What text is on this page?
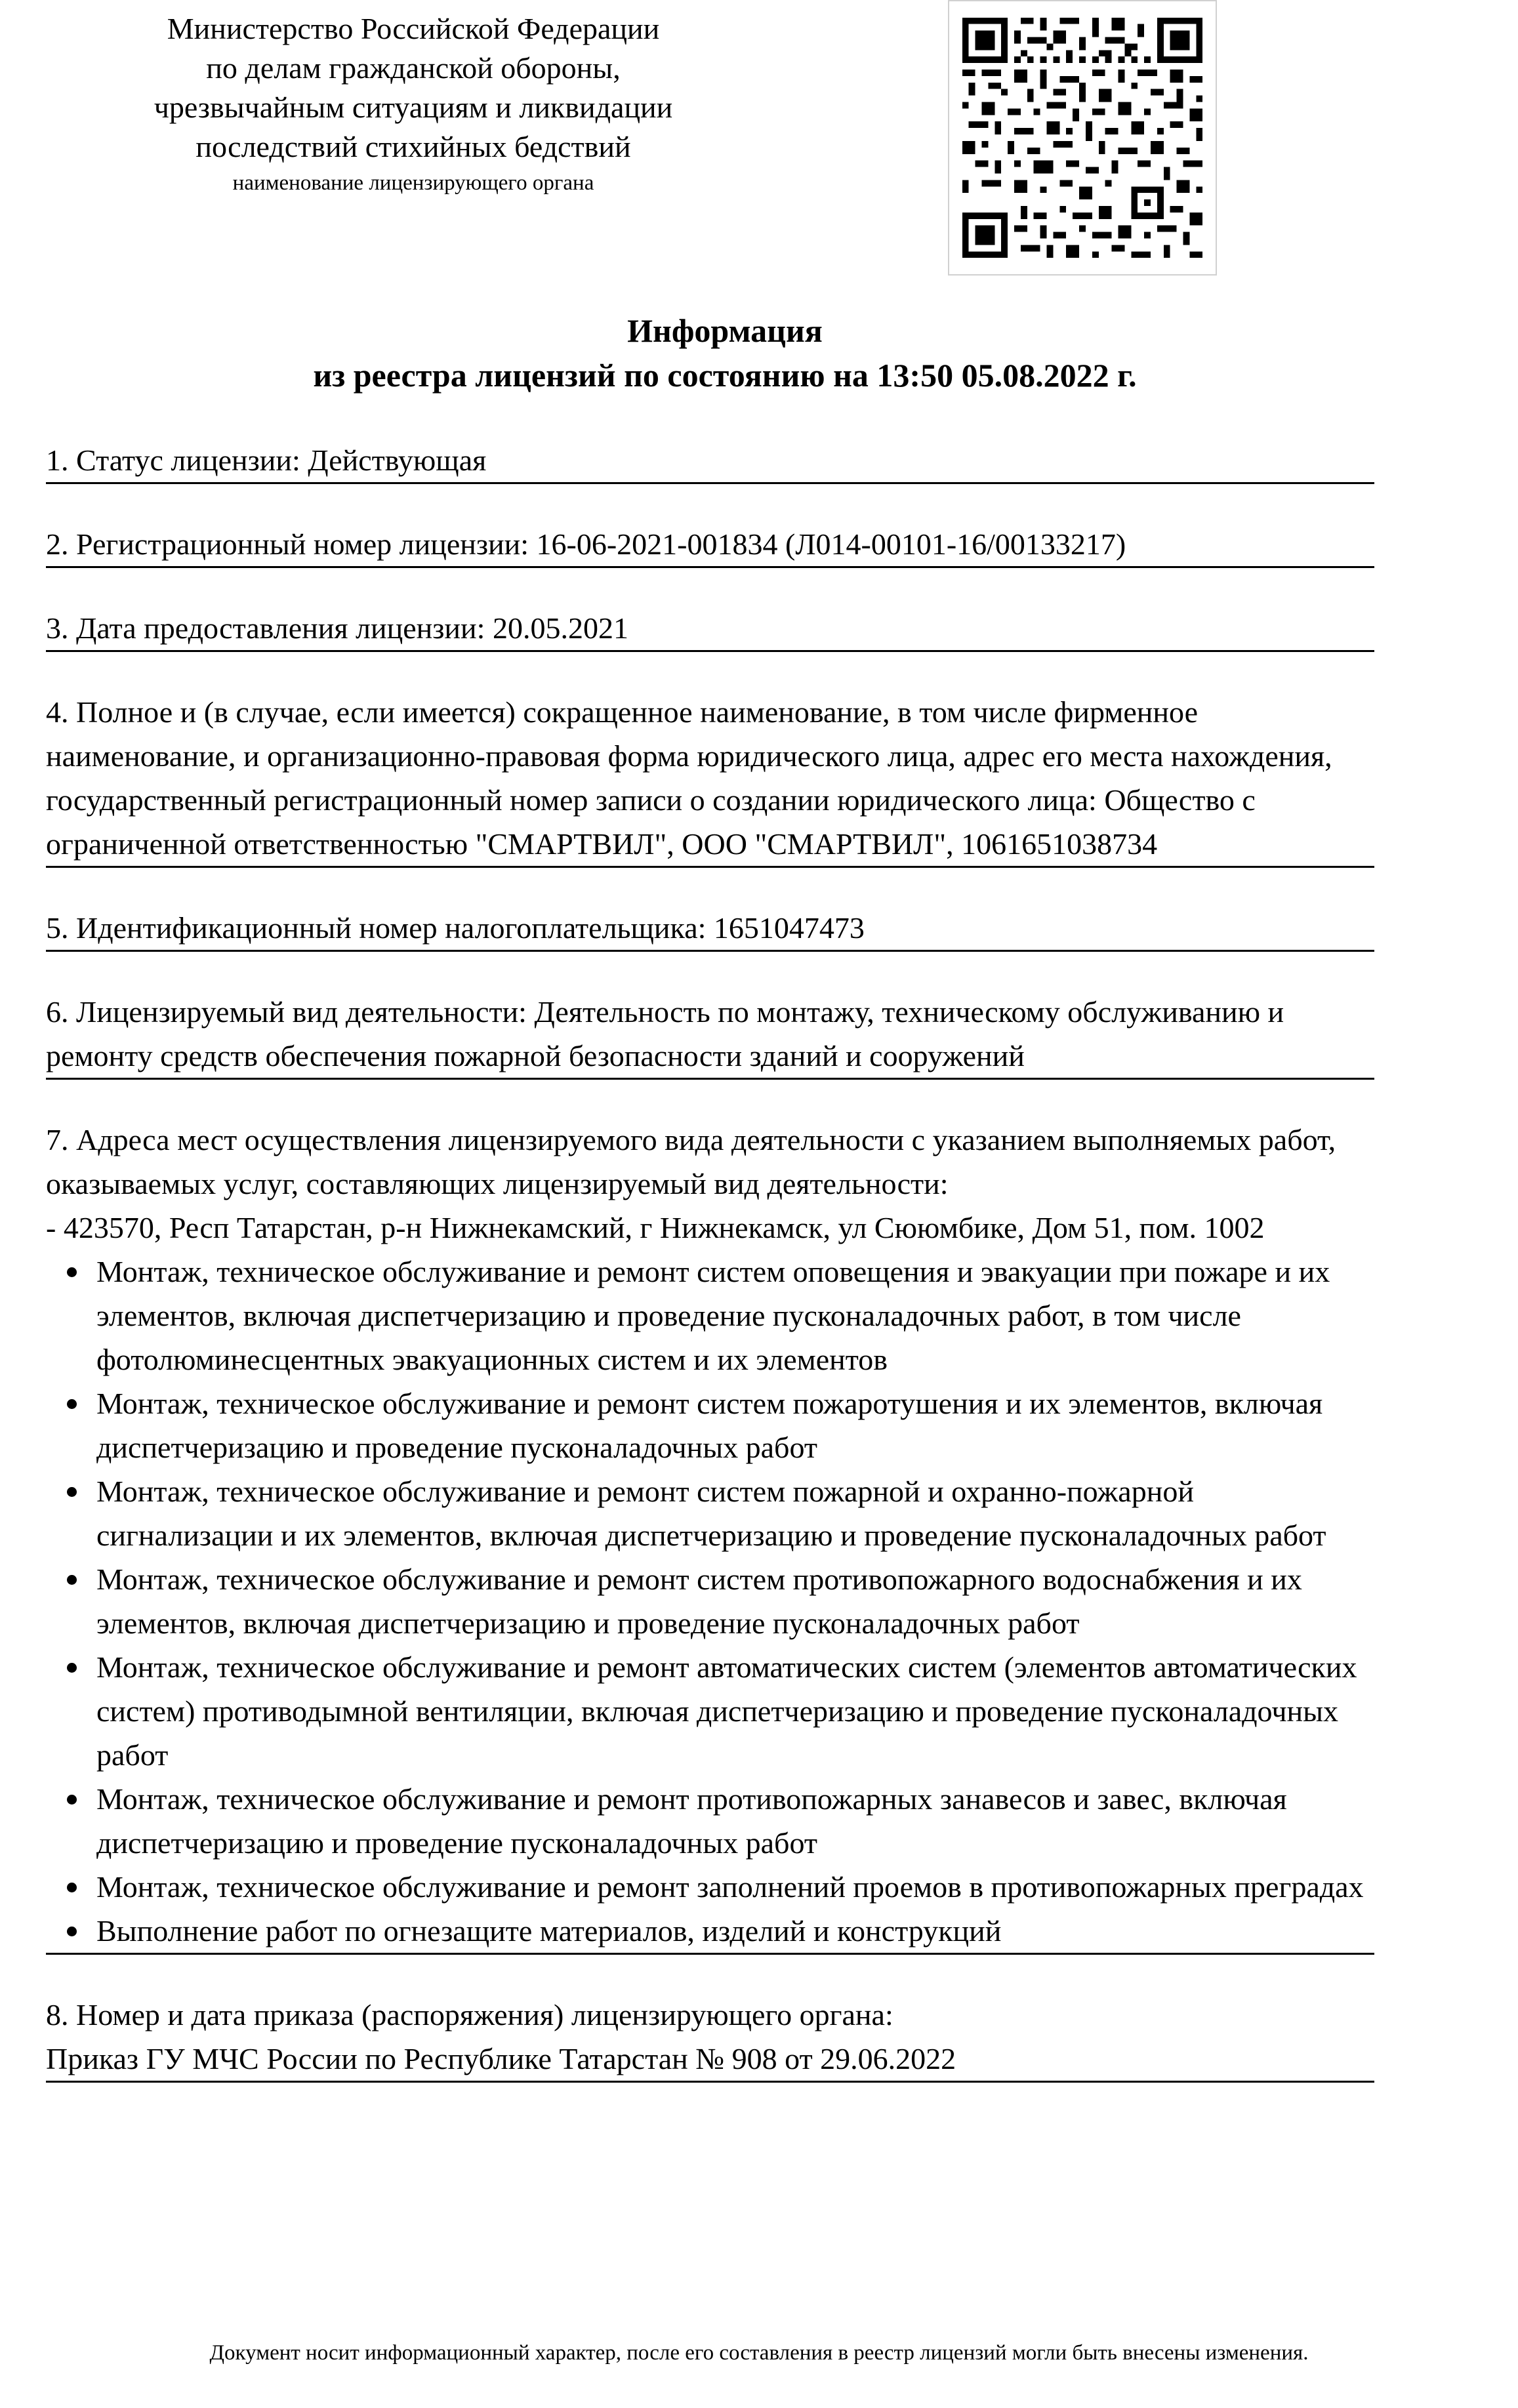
Министерство Российской Федерации
по делам гражданской обороны,
чрезвычайным ситуациям и ликвидации
последствий стихийных бедствий
наименование лицензирующего органа
Информация
из реестра лицензий по состоянию на 13:50 05.08.2022 г.

1. Статус лицензии: Действующая

2. Регистрационный номер лицензии: 16-06-2021-001834 (Л014-00101-16/00133217)

3. Дата предоставления лицензии: 20.05.2021

4. Полное и (в случае, если имеется) сокращенное наименование, в том числе фирменное наименование, и организационно-правовая форма юридического лица, адрес его места нахождения, государственный регистрационный номер записи о создании юридического лица: Общество с ограниченной ответственностью "СМАРТВИЛ", ООО "СМАРТВИЛ", 1061651038734

5. Идентификационный номер налогоплательщика: 1651047473

6. Лицензируемый вид деятельности: Деятельность по монтажу, техническому обслуживанию и ремонту средств обеспечения пожарной безопасности зданий и сооружений

7. Адреса мест осуществления лицензируемого вида деятельности с указанием выполняемых работ, оказываемых услуг, составляющих лицензируемый вид деятельности:

- 423570, Респ Татарстан, р-н Нижнекамский, г Нижнекамск, ул Сююмбике, Дом 51, пом. 1002

Монтаж, техническое обслуживание и ремонт систем оповещения и эвакуации при пожаре и их элементов, включая диспетчеризацию и проведение пусконаладочных работ, в том числе фотолюминесцентных эвакуационных систем и их элементов
Монтаж, техническое обслуживание и ремонт систем пожаротушения и их элементов, включая диспетчеризацию и проведение пусконаладочных работ
Монтаж, техническое обслуживание и ремонт систем пожарной и охранно-пожарной сигнализации и их элементов, включая диспетчеризацию и проведение пусконаладочных работ
Монтаж, техническое обслуживание и ремонт систем противопожарного водоснабжения и их элементов, включая диспетчеризацию и проведение пусконаладочных работ
Монтаж, техническое обслуживание и ремонт автоматических систем (элементов автоматических систем) противодымной вентиляции, включая диспетчеризацию и проведение пусконаладочных работ
Монтаж, техническое обслуживание и ремонт противопожарных занавесов и завес, включая диспетчеризацию и проведение пусконаладочных работ
Монтаж, техническое обслуживание и ремонт заполнений проемов в противопожарных преградах
Выполнение работ по огнезащите материалов, изделий и конструкций

8. Номер и дата приказа (распоряжения) лицензирующего органа:

Приказ ГУ МЧС России по Республике Татарстан № 908 от 29.06.2022

Документ носит информационный характер, после его составления в реестр лицензий могли быть внесены изменения.
